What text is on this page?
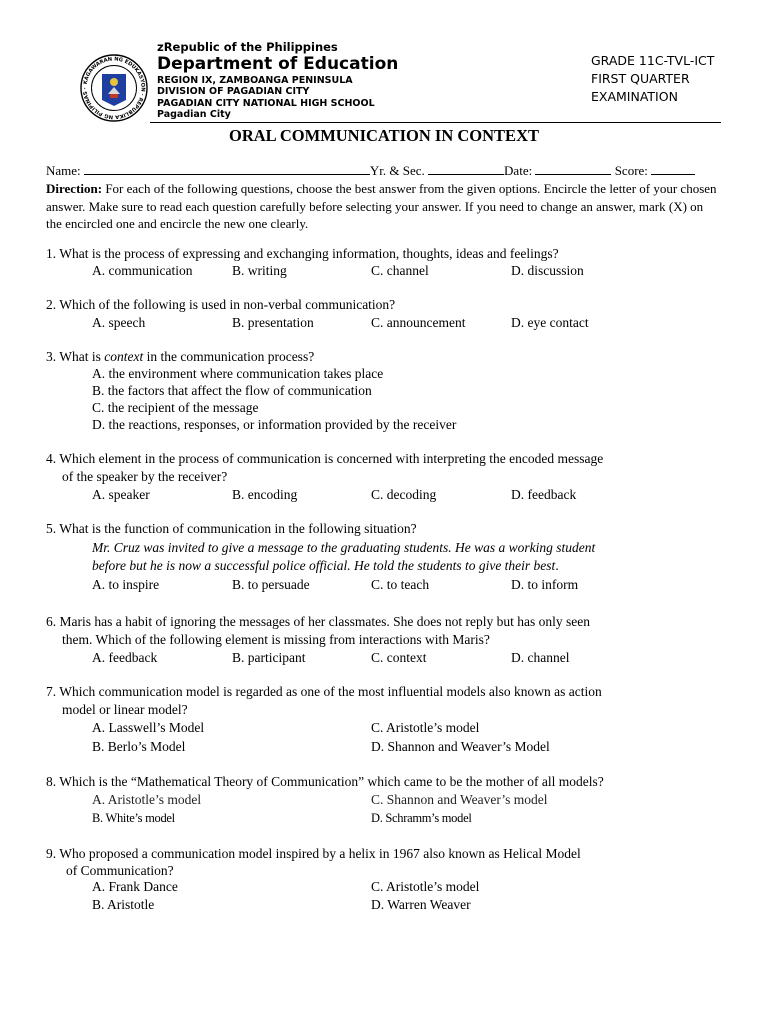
KAGAWARAN NG EDUKASYON · REPUBLIKA NG PILIPINAS ·
zRepublic of the Philippines
Department of Education
REGION IX, ZAMBOANGA PENINSULA
DIVISION OF PAGADIAN CITY
PAGADIAN CITY NATIONAL HIGH SCHOOL
Pagadian City
GRADE 11C-TVL-ICT
FIRST QUARTER
EXAMINATION
ORAL COMMUNICATION IN CONTEXT
Name:	Yr. & Sec.	Date:	Score:
Direction: For each of the following questions, choose the best answer from the given options. Encircle the letter of your chosen answer. Make sure to read each question carefully before selecting your answer. If you need to change an answer, mark (X) on the encircled one and encircle the new one clearly.
1. What is the process of expressing and exchanging information, thoughts, ideas and feelings?
A. communication	B. writing	C. channel	D. discussion
2. Which of the following is used in non-verbal communication?
A. speech	B. presentation	C. announcement	D. eye contact
3. What is context in the communication process?
A. the environment where communication takes place
B. the factors that affect the flow of communication
C. the recipient of the message
D. the reactions, responses, or information provided by the receiver
4. Which element in the process of communication is concerned with interpreting the encoded message
of the speaker by the receiver?
A. speaker	B. encoding	C. decoding	D. feedback
5. What is the function of communication in the following situation?
Mr. Cruz was invited to give a message to the graduating students. He was a working student
before but he is now a successful police official. He told the students to give their best.
A. to inspire	B. to persuade	C. to teach	D. to inform
6. Maris has a habit of ignoring the messages of her classmates. She does not reply but has only seen
them. Which of the following element is missing from interactions with Maris?
A. feedback	B. participant	C. context	D. channel
7. Which communication model is regarded as one of the most influential models also known as action
model or linear model?
A. Lasswell’s Model	C. Aristotle’s model
B. Berlo’s Model	D. Shannon and Weaver’s Model
8. Which is the “Mathematical Theory of Communication” which came to be the mother of all models?
A. Aristotle’s model	C. Shannon and Weaver’s model
B. White’s model	D. Schramm’s model
9. Who proposed a communication model inspired by a helix in 1967 also known as Helical Model
of Communication?
A. Frank Dance	C. Aristotle’s model
B. Aristotle	D. Warren Weaver
